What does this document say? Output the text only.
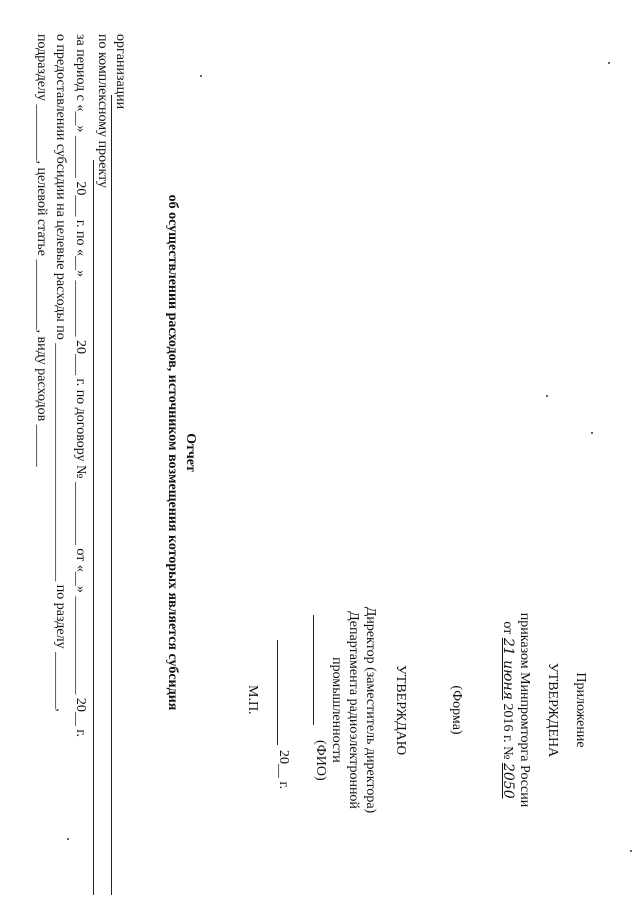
Приложение
УТВЕРЖДЕНА
приказом Минпромторга России
от 21 июня 2016 г. № 2050
(Форма)
УТВЕРЖДАЮ
Директор (заместитель директора)
Департамента радиоэлектронной
промышленности
(ФИО)
20__ г.
М.П.
Отчет
об осуществлении расходов, источником возмещения которых является субсидия
организации
по комплексному проекту
за период с «__» ______ 20___ г. по «__» ________ 20___ г. по договору № _________ от «__» ______________ 20__ г.
о предоставлении субсидии на целевые расходы по __________________________________ по разделу ________,
подразделу ________, целевой статье __________, виду расходов ______
